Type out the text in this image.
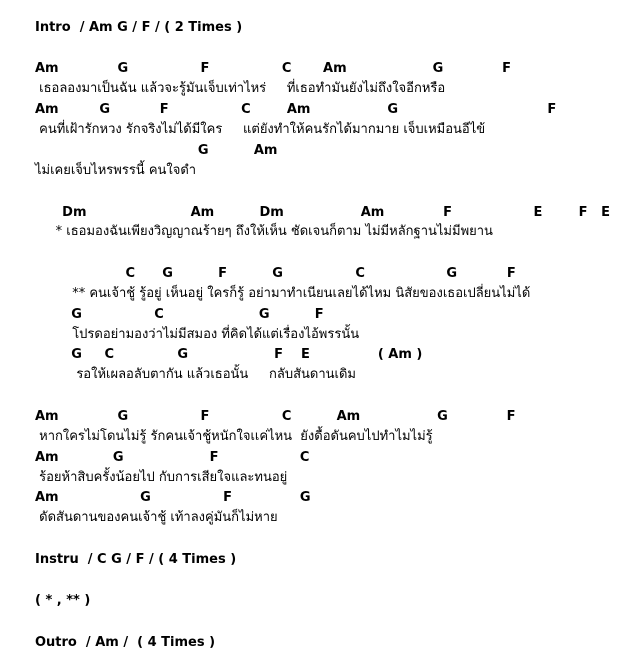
Intro  / Am G / F / ( 2 Times )
Am             G                F                C       Am                   G             F
เธอลองมาเป็นฉัน แล้วจะรู้มันเจ็บเท่าไหร่     ที่เธอทำมันยังไม่ถึงใจอีกหรือ
Am         G           F                C        Am                 G                                 F
คนที่เฝ้ารักหวง รักจริงไม่ได้มีใคร     แต่ยังทำให้คนรักได้มากมาย เจ็บเหมือนอีไข้
G          Am
ไม่เคยเจ็บไหรพรรนี้ คนใจดำ
Dm                       Am          Dm                 Am             F                  E        F   E
* เธอมองฉันเพียงวิญญาณร้ายๆ ถึงให้เห็น ชัดเจนก็ตาม ไม่มีหลักฐานไม่มีพยาน
C      G          F          G                C                  G           F
** คนเจ้าชู้ รู้อยู่ เห็นอยู่ ใครก็รู้ อย่ามาทำเนียนเลยได้ไหม นิสัยของเธอเปลี่ยนไม่ได้
G                C                     G          F
โปรดอย่ามองว่าไม่มีสมอง ที่คิดได้แต่เรื่องไอ้พรรนั้น
G     C              G                   F    E               ( Am )
รอให้เผลอลับตากัน แล้วเธอนั้น     กลับสันดานเดิม
Am             G                F                C          Am                 G             F
หากใครไม่โดนไม่รู้ รักคนเจ้าชู้หนักใจเเค่ไหน  ยังดื้อดันคบไปทำไมไม่รู้
Am            G                   F                  C
ร้อยห้าสิบครั้งน้อยไป กับการเสียใจและทนอยู่
Am                  G                F               G
ดัดสันดานของคนเจ้าชู้ เท้าลงคู่มันก็ไม่หาย
Instru  / C G / F / ( 4 Times )
( * , ** )
Outro  / Am /  ( 4 Times )
